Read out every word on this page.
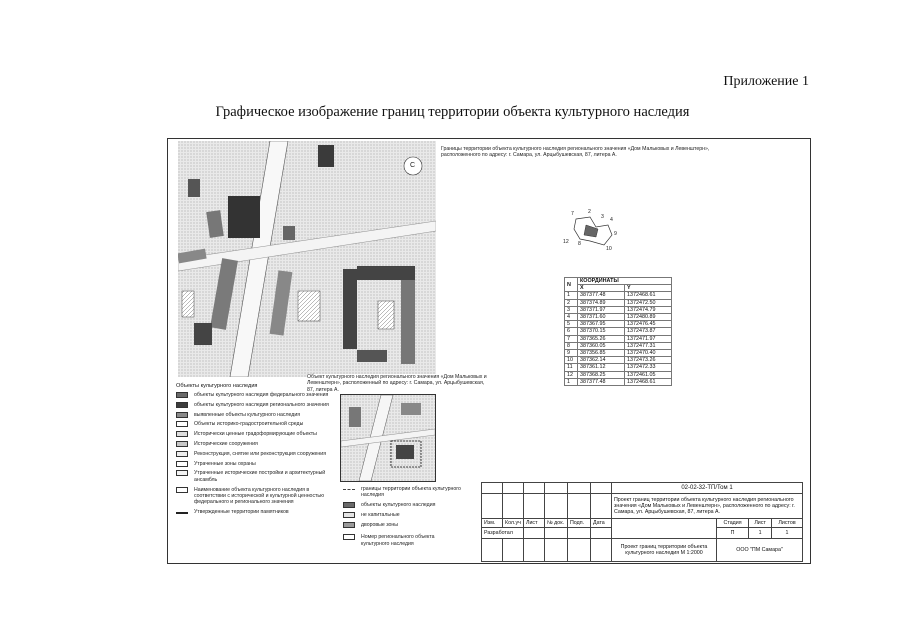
Приложение 1
Графическое изображение границ территории объекта культурного наследия
С
Границы территории объекта культурного наследия регионального значения «Дом Мальковых и Левенштерн», расположенного по адресу: г. Самара, ул. Арцыбушевская, 87, литера А.
7	2
3 4
9
10
12 8
N	КООРДИНАТЫ	
	X	Y
1	387377.48	1372468.61
2	387374.89	1372472.50
3	387371.97	1372474.79
4	387371.60	1372480.89
5	387367.95	1372476.45
6	387370.15	1372473.87
7	387365.26	1372471.97
8	387360.05	1372477.31
9	387356.85	1372470.40
10	387362.14	1372473.26
11	387361.12	1372472.33
12	387368.25	1372461.05
1	387377.48	1372468.61
Объект культурного наследия регионального значения «Дом Мальковых и Левенштерн», расположенный по адресу: г. Самара, ул. Арцыбушевская, 87, литера А.
Объекты культурного наследия
объекты культурного наследия федерального значения
объекты культурного наследия регионального значения
выявленные объекты культурного наследия
Объекты историко-градостроительной среды
Исторически ценные градоформирующие объекты
Исторические сооружения
Реконструкция, снятие или реконструкция сооружения
Утраченные зоны охраны
Утраченные исторические постройки и архитектурный ансамбль
Наименование объекта культурного наследия в соответствии с исторической и культурной ценностью федерального и регионального значения
Утвержденные территории памятников
границы территории объекта культурного наследия
объекты культурного наследия
не капитальные
дворовые зоны
Номер регионального объекта культурного наследия
						02-02-32-ТП/Том 1			
						Проект границ территории объекта культурного наследия регионального значения «Дом Мальковых и Левенштерн», расположенного по адресу: г. Самара, ул. Арцыбушевская, 87, литера А.			
Изм.	Кол.уч	Лист	№ док.	Подп.	Дата		Стадия	Лист	Листов
Разработал							П	1	1
						Проект границ территории объекта культурного наследия М 1:2000	ООО "ПМ Самара"		
